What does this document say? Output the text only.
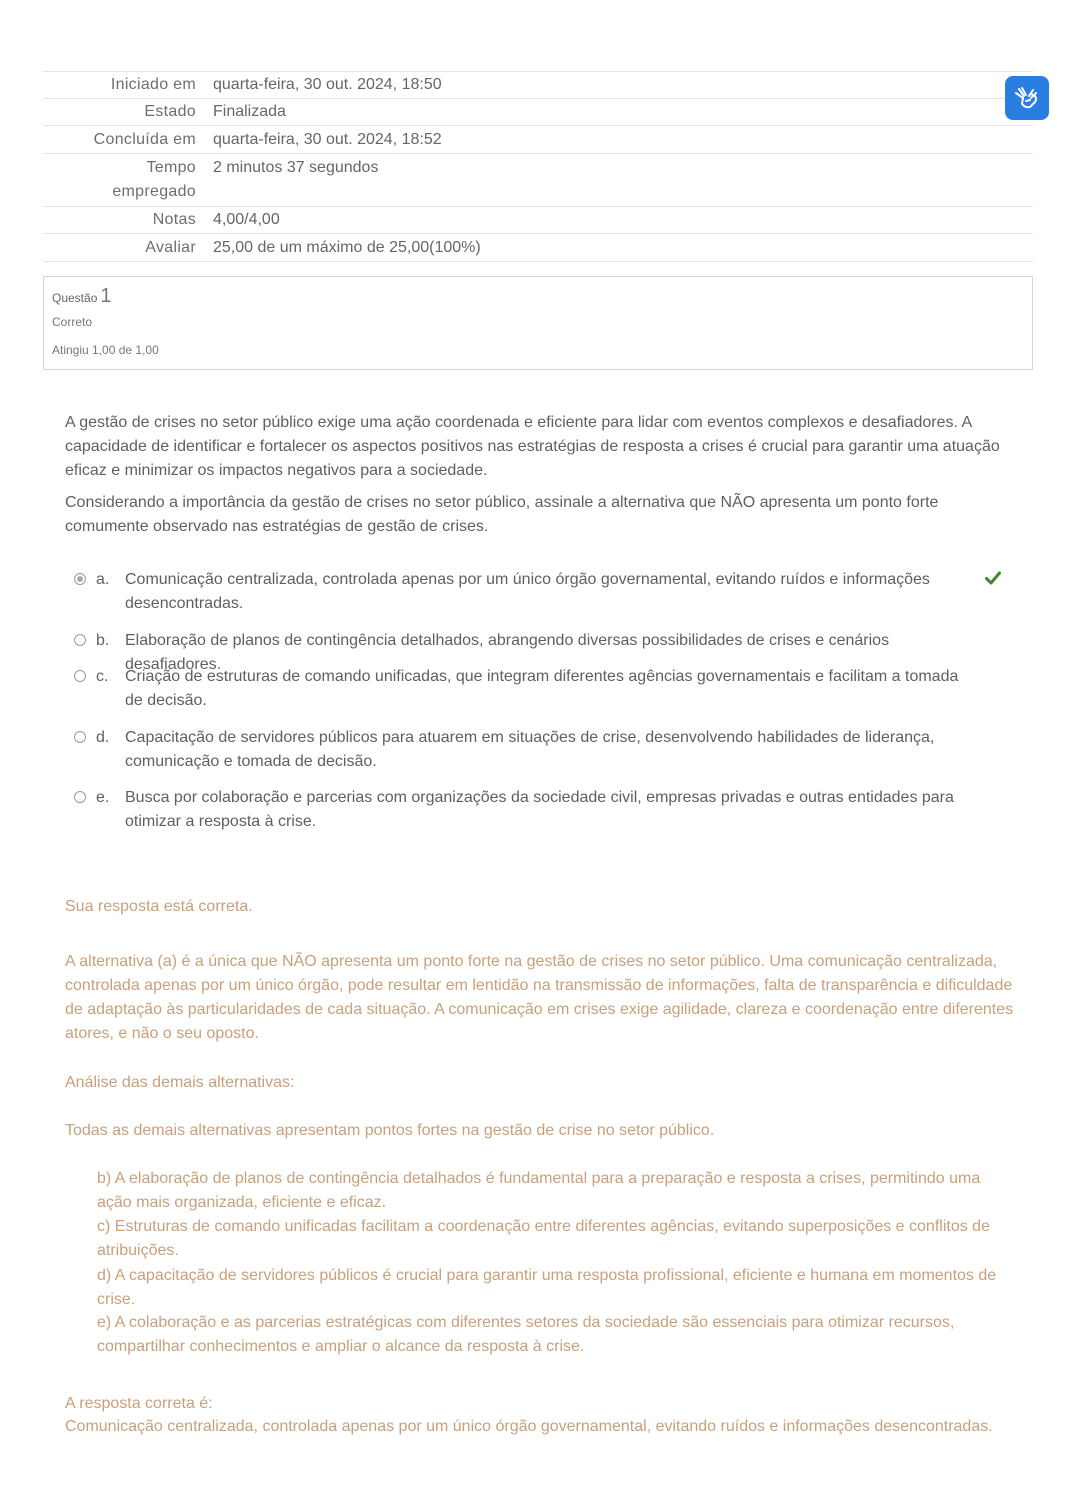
Iniciado em	quarta-feira, 30 out. 2024, 18:50
Estado	Finalizada
Concluída em	quarta-feira, 30 out. 2024, 18:52
Tempo
empregado	2 minutos 37 segundos
Notas	4,00/4,00
Avaliar	25,00 de um máximo de 25,00(100%)
Questão 1
Correto
Atingiu 1,00 de 1,00

A gestão de crises no setor público exige uma ação coordenada e eficiente para lidar com eventos complexos e desafiadores. A capacidade de identificar e fortalecer os aspectos positivos nas estratégias de resposta a crises é crucial para garantir uma atuação eficaz e minimizar os impactos negativos para a sociedade.

Considerando a importância da gestão de crises no setor público, assinale a alternativa que NÃO apresenta um ponto forte comumente observado nas estratégias de gestão de crises.

a. Comunicação centralizada, controlada apenas por um único órgão governamental, evitando ruídos e informações desencontradas.
b. Elaboração de planos de contingência detalhados, abrangendo diversas possibilidades de crises e cenários desafiadores.
c. Criação de estruturas de comando unificadas, que integram diferentes agências governamentais e facilitam a tomada de decisão.
d. Capacitação de servidores públicos para atuarem em situações de crise, desenvolvendo habilidades de liderança, comunicação e tomada de decisão.
e. Busca por colaboração e parcerias com organizações da sociedade civil, empresas privadas e outras entidades para otimizar a resposta à crise.

Sua resposta está correta.

A alternativa (a) é a única que NÃO apresenta um ponto forte na gestão de crises no setor público. Uma comunicação centralizada, controlada apenas por um único órgão, pode resultar em lentidão na transmissão de informações, falta de transparência e dificuldade de adaptação às particularidades de cada situação. A comunicação em crises exige agilidade, clareza e coordenação entre diferentes atores, e não o seu oposto.

Análise das demais alternativas:

Todas as demais alternativas apresentam pontos fortes na gestão de crise no setor público.

b) A elaboração de planos de contingência detalhados é fundamental para a preparação e resposta a crises, permitindo uma ação mais organizada, eficiente e eficaz.

c) Estruturas de comando unificadas facilitam a coordenação entre diferentes agências, evitando superposições e conflitos de atribuições.

d) A capacitação de servidores públicos é crucial para garantir uma resposta profissional, eficiente e humana em momentos de crise.

e) A colaboração e as parcerias estratégicas com diferentes setores da sociedade são essenciais para otimizar recursos, compartilhar conhecimentos e ampliar o alcance da resposta à crise.

A resposta correta é:

Comunicação centralizada, controlada apenas por um único órgão governamental, evitando ruídos e informações desencontradas.
